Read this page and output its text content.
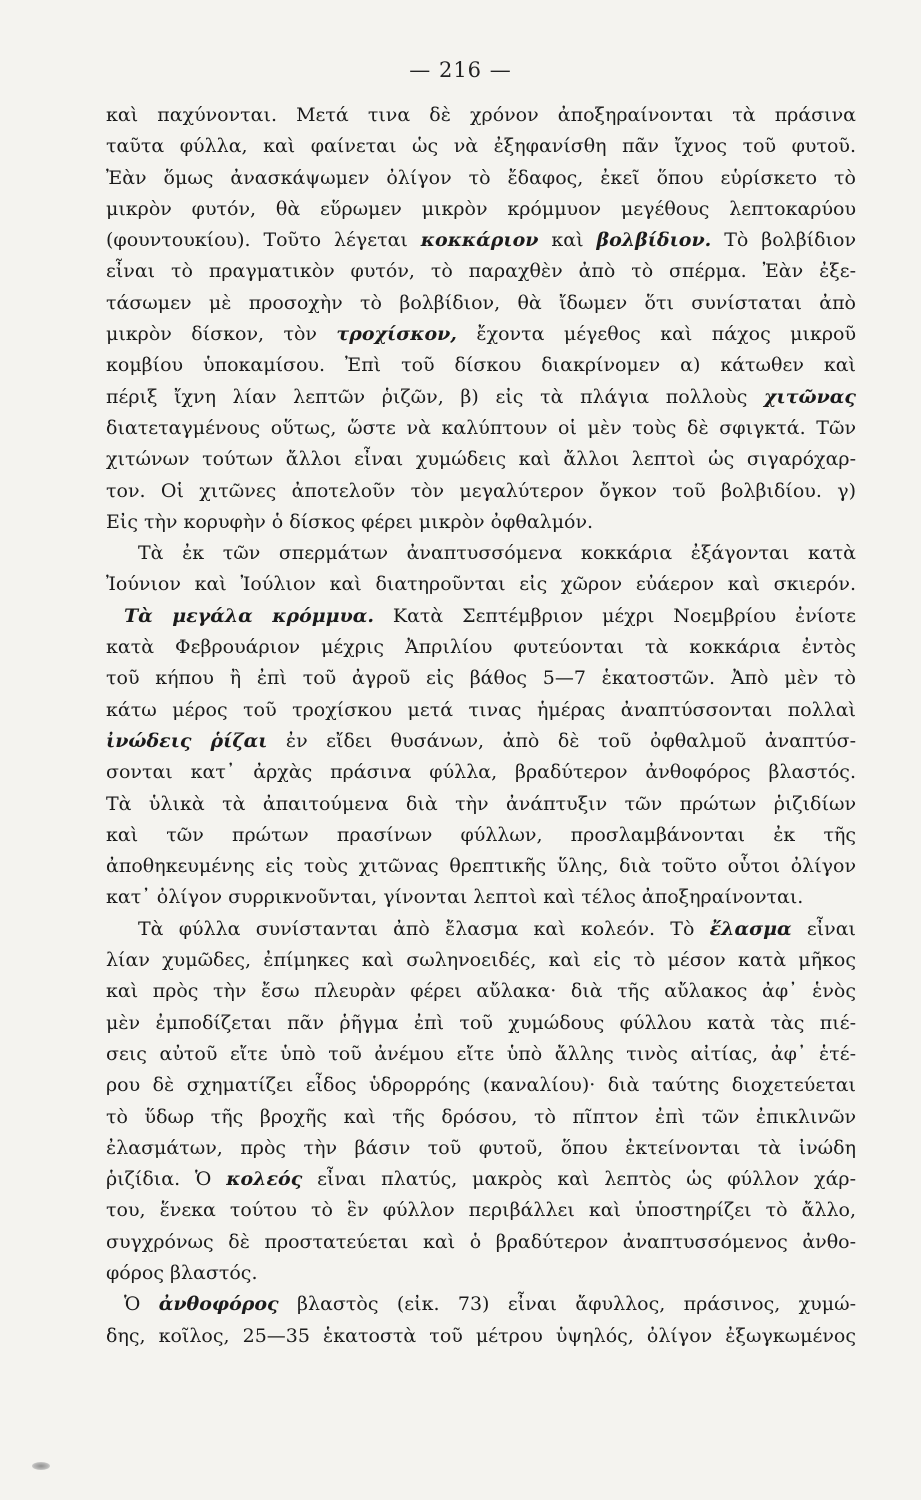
— 216 —
καὶ παχύνονται. Μετά τινα δὲ χρόνον ἀποξηραίνονται τὰ πράσινα
ταῦτα φύλλα, καὶ φαίνεται ὡς νὰ ἐξηφανίσθη πᾶν ἴχνος τοῦ φυτοῦ.
Ἐὰν ὅμως ἀνασκάψωμεν ὀλίγον τὸ ἔδαφος, ἐκεῖ ὅπου εὑρίσκετο τὸ
μικρὸν φυτόν, θὰ εὕρωμεν μικρὸν κρόμμυον μεγέθους λεπτοκαρύου
(φουντουκίου). Τοῦτο λέγεται κοκκάριον καὶ βολβίδιον. Τὸ βολβίδιον
εἶναι τὸ πραγματικὸν φυτόν, τὸ παραχθὲν ἀπὸ τὸ σπέρμα. Ἐὰν ἐξε-
τάσωμεν μὲ προσοχὴν τὸ βολβίδιον, θὰ ἴδωμεν ὅτι συνίσταται ἀπὸ
μικρὸν δίσκον, τὸν τροχίσκον, ἔχοντα μέγεθος καὶ πάχος μικροῦ
κομβίου ὑποκαμίσου. Ἐπὶ τοῦ δίσκου διακρίνομεν α) κάτωθεν καὶ
πέριξ ἴχνη λίαν λεπτῶν ῥιζῶν, β) εἰς τὰ πλάγια πολλοὺς χιτῶνας
διατεταγμένους οὕτως, ὥστε νὰ καλύπτουν οἱ μὲν τοὺς δὲ σφιγκτά. Τῶν
χιτώνων τούτων ἄλλοι εἶναι χυμώδεις καὶ ἄλλοι λεπτοὶ ὡς σιγαρόχαρ-
τον. Οἱ χιτῶνες ἀποτελοῦν τὸν μεγαλύτερον ὄγκον τοῦ βολβιδίου. γ)
Εἰς τὴν κορυφὴν ὁ δίσκος φέρει μικρὸν ὀφθαλμόν.
Τὰ ἐκ τῶν σπερμάτων ἀναπτυσσόμενα κοκκάρια ἐξάγονται κατὰ
Ἰούνιον καὶ Ἰούλιον καὶ διατηροῦνται εἰς χῶρον εὐάερον καὶ σκιερόν.
Τὰ μεγάλα κρόμμυα. Κατὰ Σεπτέμβριον μέχρι Νοεμβρίου ἐνίοτε
κατὰ Φεβρουάριον μέχρις Ἀπριλίου φυτεύονται τὰ κοκκάρια ἐντὸς
τοῦ κήπου ἢ ἐπὶ τοῦ ἀγροῦ εἰς βάθος 5—7 ἑκατοστῶν. Ἀπὸ μὲν τὸ
κάτω μέρος τοῦ τροχίσκου μετά τινας ἡμέρας ἀναπτύσσονται πολλαὶ
ἰνώδεις ῥίζαι ἐν εἴδει θυσάνων, ἀπὸ δὲ τοῦ ὀφθαλμοῦ ἀναπτύσ-
σονται κατ᾽ ἀρχὰς πράσινα φύλλα, βραδύτερον ἀνθοφόρος βλαστός.
Τὰ ὑλικὰ τὰ ἀπαιτούμενα διὰ τὴν ἀνάπτυξιν τῶν πρώτων ῥιζιδίων
καὶ τῶν πρώτων πρασίνων φύλλων, προσλαμβάνονται ἐκ τῆς
ἀποθηκευμένης εἰς τοὺς χιτῶνας θρεπτικῆς ὕλης, διὰ τοῦτο οὗτοι ὀλίγον
κατ᾽ ὀλίγον συρρικνοῦνται, γίνονται λεπτοὶ καὶ τέλος ἀποξηραίνονται.
Τὰ φύλλα συνίστανται ἀπὸ ἔλασμα καὶ κολεόν. Τὸ ἔλασμα εἶναι
λίαν χυμῶδες, ἐπίμηκες καὶ σωληνοειδές, καὶ εἰς τὸ μέσον κατὰ μῆκος
καὶ πρὸς τὴν ἔσω πλευρὰν φέρει αὔλακα· διὰ τῆς αὔλακος ἀφ᾽ ἑνὸς
μὲν ἐμποδίζεται πᾶν ῥῆγμα ἐπὶ τοῦ χυμώδους φύλλου κατὰ τὰς πιέ-
σεις αὐτοῦ εἴτε ὑπὸ τοῦ ἀνέμου εἴτε ὑπὸ ἄλλης τινὸς αἰτίας, ἀφ᾽ ἑτέ-
ρου δὲ σχηματίζει εἶδος ὑδρορρόης (καναλίου)· διὰ ταύτης διοχετεύεται
τὸ ὕδωρ τῆς βροχῆς καὶ τῆς δρόσου, τὸ πῖπτον ἐπὶ τῶν ἐπικλινῶν
ἐλασμάτων, πρὸς τὴν βάσιν τοῦ φυτοῦ, ὅπου ἐκτείνονται τὰ ἰνώδη
ῥιζίδια. Ὁ κολεός εἶναι πλατύς, μακρὸς καὶ λεπτὸς ὡς φύλλον χάρ-
του, ἕνεκα τούτου τὸ ἓν φύλλον περιβάλλει καὶ ὑποστηρίζει τὸ ἄλλο,
συγχρόνως δὲ προστατεύεται καὶ ὁ βραδύτερον ἀναπτυσσόμενος ἀνθο-
φόρος βλαστός.
Ὁ ἀνθοφόρος βλαστὸς (εἰκ. 73) εἶναι ἄφυλλος, πράσινος, χυμώ-
δης, κοῖλος, 25—35 ἑκατοστὰ τοῦ μέτρου ὑψηλός, ὀλίγον ἐξωγκωμένος
